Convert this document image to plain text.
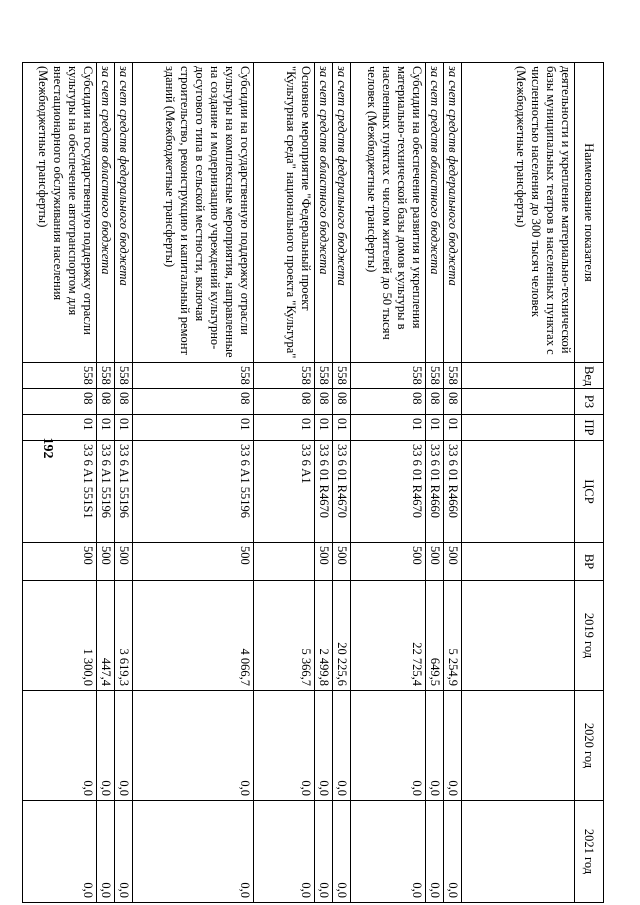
192
Наименование показателя	Вед	РЗ	ПР	ЦСР	ВР	2019 год	2020 год	2021 год
деятельности и укрепление материально-технической базы муниципальных театров в населенных пунктах с численностью населения до 300 тысяч человек (Межбюджетные трансферты)								
за счет средств федерального бюджета	558	08	01	33 6 01 R4660	500	5 254,9	0,0	0,0
за счет средств областного бюджета	558	08	01	33 6 01 R4660	500	649,5	0,0	0,0
Субсидии на обеспечение развития и укрепления материально-технической базы домов культуры в населенных пунктах с числом жителей до 50 тысяч человек (Межбюджетные трансферты)	558	08	01	33 6 01 R4670	500	22 725,4	0,0	0,0
за счет средств федерального бюджета	558	08	01	33 6 01 R4670	500	20 225,6	0,0	0,0
за счет средств областного бюджета	558	08	01	33 6 01 R4670	500	2 499,8	0,0	0,0
Основное мероприятие "Федеральный проект "Культурная среда" национального проекта "Культура"	558	08	01	33 6 A1		5 366,7	0,0	0,0
Субсидии на государственную поддержку отрасли культуры на комплексные мероприятия, направленные на создание и модернизацию учреждений культурно-досугового типа в сельской местности, включая строительство, реконструкцию и капитальный ремонт зданий (Межбюджетные трансферты)	558	08	01	33 6 A1 55196	500	4 066,7	0,0	0,0
за счет средств федерального бюджета	558	08	01	33 6 A1 55196	500	3 619,3	0,0	0,0
за счет средств областного бюджета	558	08	01	33 6 A1 55196	500	447,4	0,0	0,0
Субсидии на государственную поддержку отрасли культуры на обеспечение автотранспортом для внестационарного обслуживания населения (Межбюджетные трансферты)	558	08	01	33 6 A1 551S1	500	1 300,0	0,0	0,0
